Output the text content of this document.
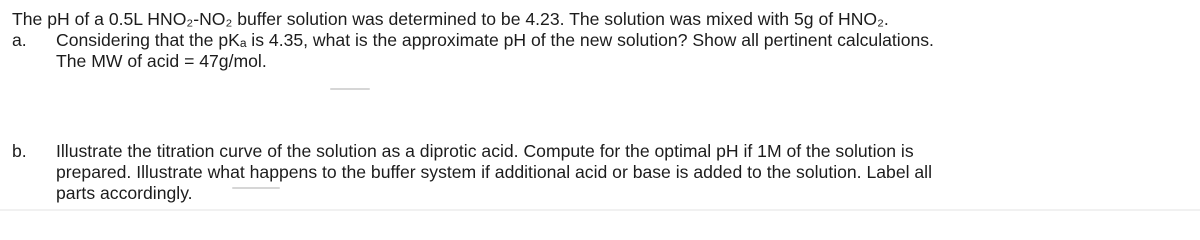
The pH of a 0.5L HNO₂-NO₂ buffer solution was determined to be 4.23. The solution was mixed with 5g of HNO₂.
a. Considering that the pKₐ is 4.35, what is the approximate pH of the new solution? Show all pertinent calculations.
The MW of acid = 47g/mol.
b. Illustrate the titration curve of the solution as a diprotic acid. Compute for the optimal pH if 1M of the solution is
prepared. Illustrate what happens to the buffer system if additional acid or base is added to the solution. Label all
parts accordingly.
